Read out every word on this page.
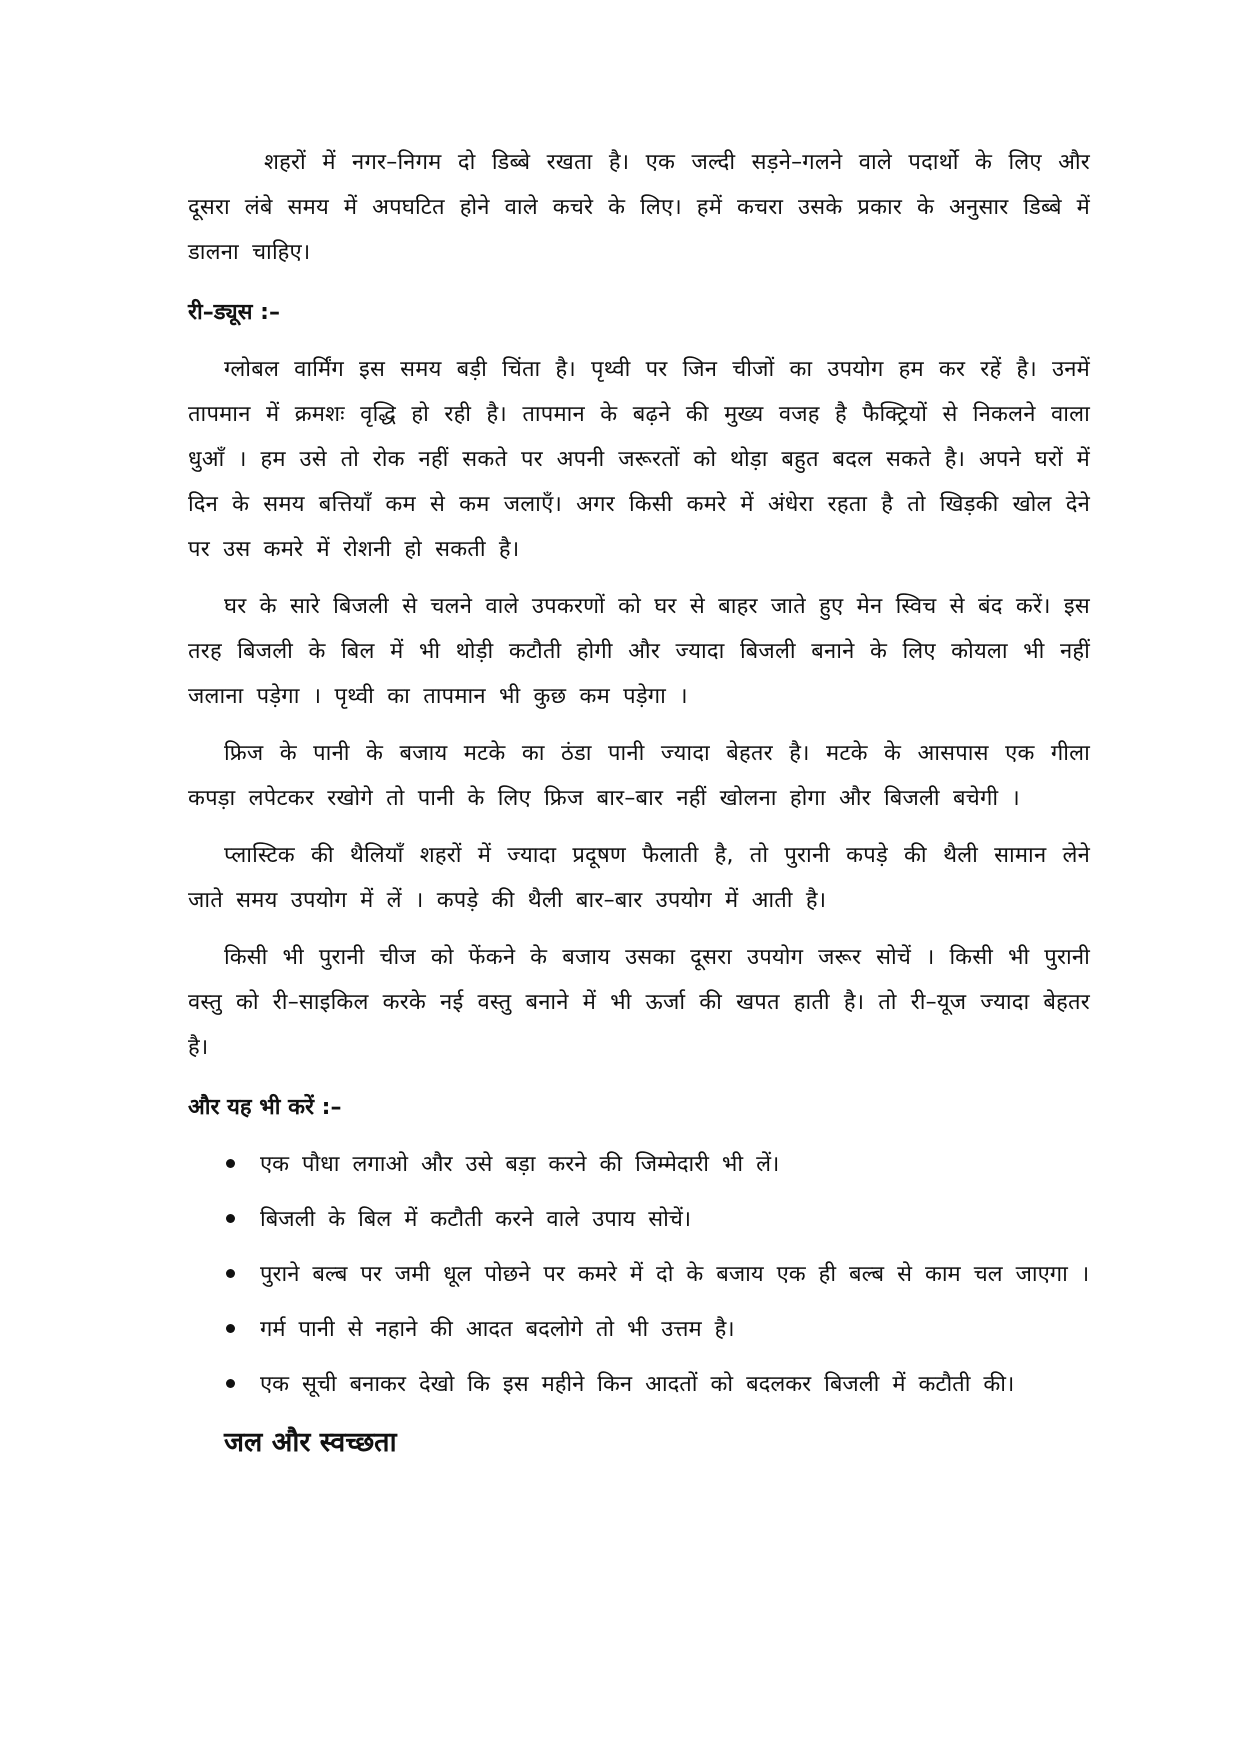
शहरों में नगर–निगम दो डिब्बे रखता है। एक जल्दी सड़ने–गलने वाले पदार्थो के लिए और दूसरा लंबे समय में अपघटित होने वाले कचरे के लिए। हमें कचरा उसके प्रकार के अनुसार डिब्बे में डालना चाहिए।

री–ड्यूस :–

ग्लोबल वार्मिंग इस समय बड़ी चिंता है। पृथ्वी पर जिन चीजों का उपयोग हम कर रहें है। उनमें तापमान में क्रमशः वृद्धि हो रही है। तापमान के बढ़ने की मुख्य वजह है फैक्ट्रियों से निकलने वाला धुआँ । हम उसे तो रोक नहीं सकते पर अपनी जरूरतों को थोड़ा बहुत बदल सकते है। अपने घरों में दिन के समय बत्तियाँ कम से कम जलाएँ। अगर किसी कमरे में अंधेरा रहता है तो खिड़की खोल देने पर उस कमरे में रोशनी हो सकती है।

घर के सारे बिजली से चलने वाले उपकरणों को घर से बाहर जाते हुए मेन स्विच से बंद करें। इस तरह बिजली के बिल में भी थोड़ी कटौती होगी और ज्यादा बिजली बनाने के लिए कोयला भी नहीं जलाना पड़ेगा । पृथ्वी का तापमान भी कुछ कम पड़ेगा ।

फ्रिज के पानी के बजाय मटके का ठंडा पानी ज्यादा बेहतर है। मटके के आसपास एक गीला कपड़ा लपेटकर रखोगे तो पानी के लिए फ्रिज बार–बार नहीं खोलना होगा और बिजली बचेगी ।

प्लास्टिक की थैलियाँ शहरों में ज्यादा प्रदूषण फैलाती है, तो पुरानी कपड़े की थैली सामान लेने जाते समय उपयोग में लें । कपड़े की थैली बार–बार उपयोग में आती है।

किसी भी पुरानी चीज को फेंकने के बजाय उसका दूसरा उपयोग जरूर सोचें । किसी भी पुरानी वस्तु को री–साइकिल करके नई वस्तु बनाने में भी ऊर्जा की खपत हाती है। तो री–यूज ज्यादा बेहतर है।

और यह भी करें :–
एक पौधा लगाओ और उसे बड़ा करने की जिम्मेदारी भी लें।
बिजली के बिल में कटौती करने वाले उपाय सोचें।
पुराने बल्ब पर जमी धूल पोछने पर कमरे में दो के बजाय एक ही बल्ब से काम चल जाएगा ।
गर्म पानी से नहाने की आदत बदलोगे तो भी उत्तम है।
एक सूची बनाकर देखो कि इस महीने किन आदतों को बदलकर बिजली में कटौती की।
जल और स्वच्छता
